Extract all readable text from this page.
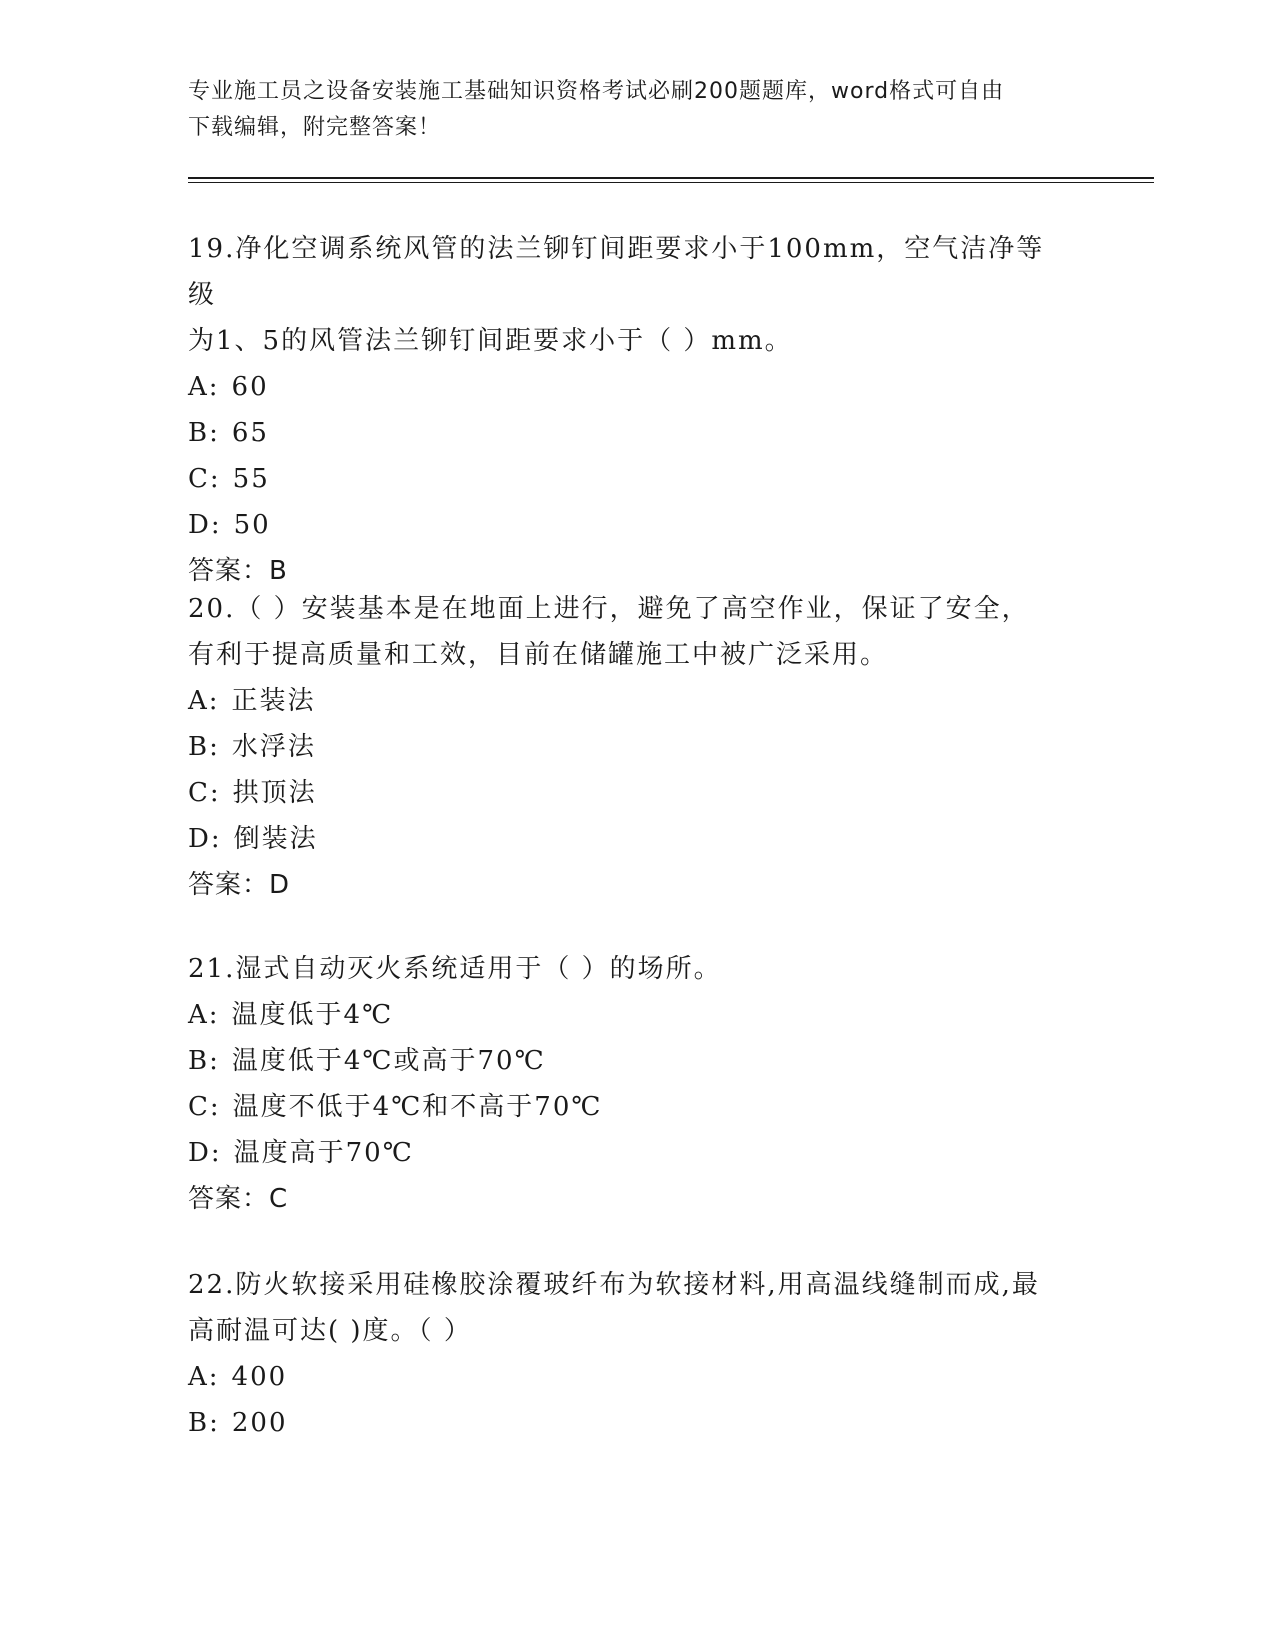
专业施工员之设备安装施工基础知识资格考试必刷200题题库，word格式可自由
下载编辑，附完整答案！

19.净化空调系统风管的法兰铆钉间距要求小于100mm，空气洁净等级

为1、5的风管法兰铆钉间距要求小于（ ）mm。

A: 60

B: 65

C: 55

D: 50

答案：B

20.（ ）安装基本是在地面上进行，避免了高空作业，保证了安全，

有利于提高质量和工效，目前在储罐施工中被广泛采用。

A: 正装法

B: 水浮法

C: 拱顶法

D: 倒装法

答案：D

21.湿式自动灭火系统适用于（ ）的场所。

A: 温度低于4℃

B: 温度低于4℃或高于70℃

C: 温度不低于4℃和不高于70℃

D: 温度高于70℃

答案：C

22.防火软接采用硅橡胶涂覆玻纤布为软接材料,用高温线缝制而成,最

高耐温可达( )度。（ ）

A: 400

B: 200
